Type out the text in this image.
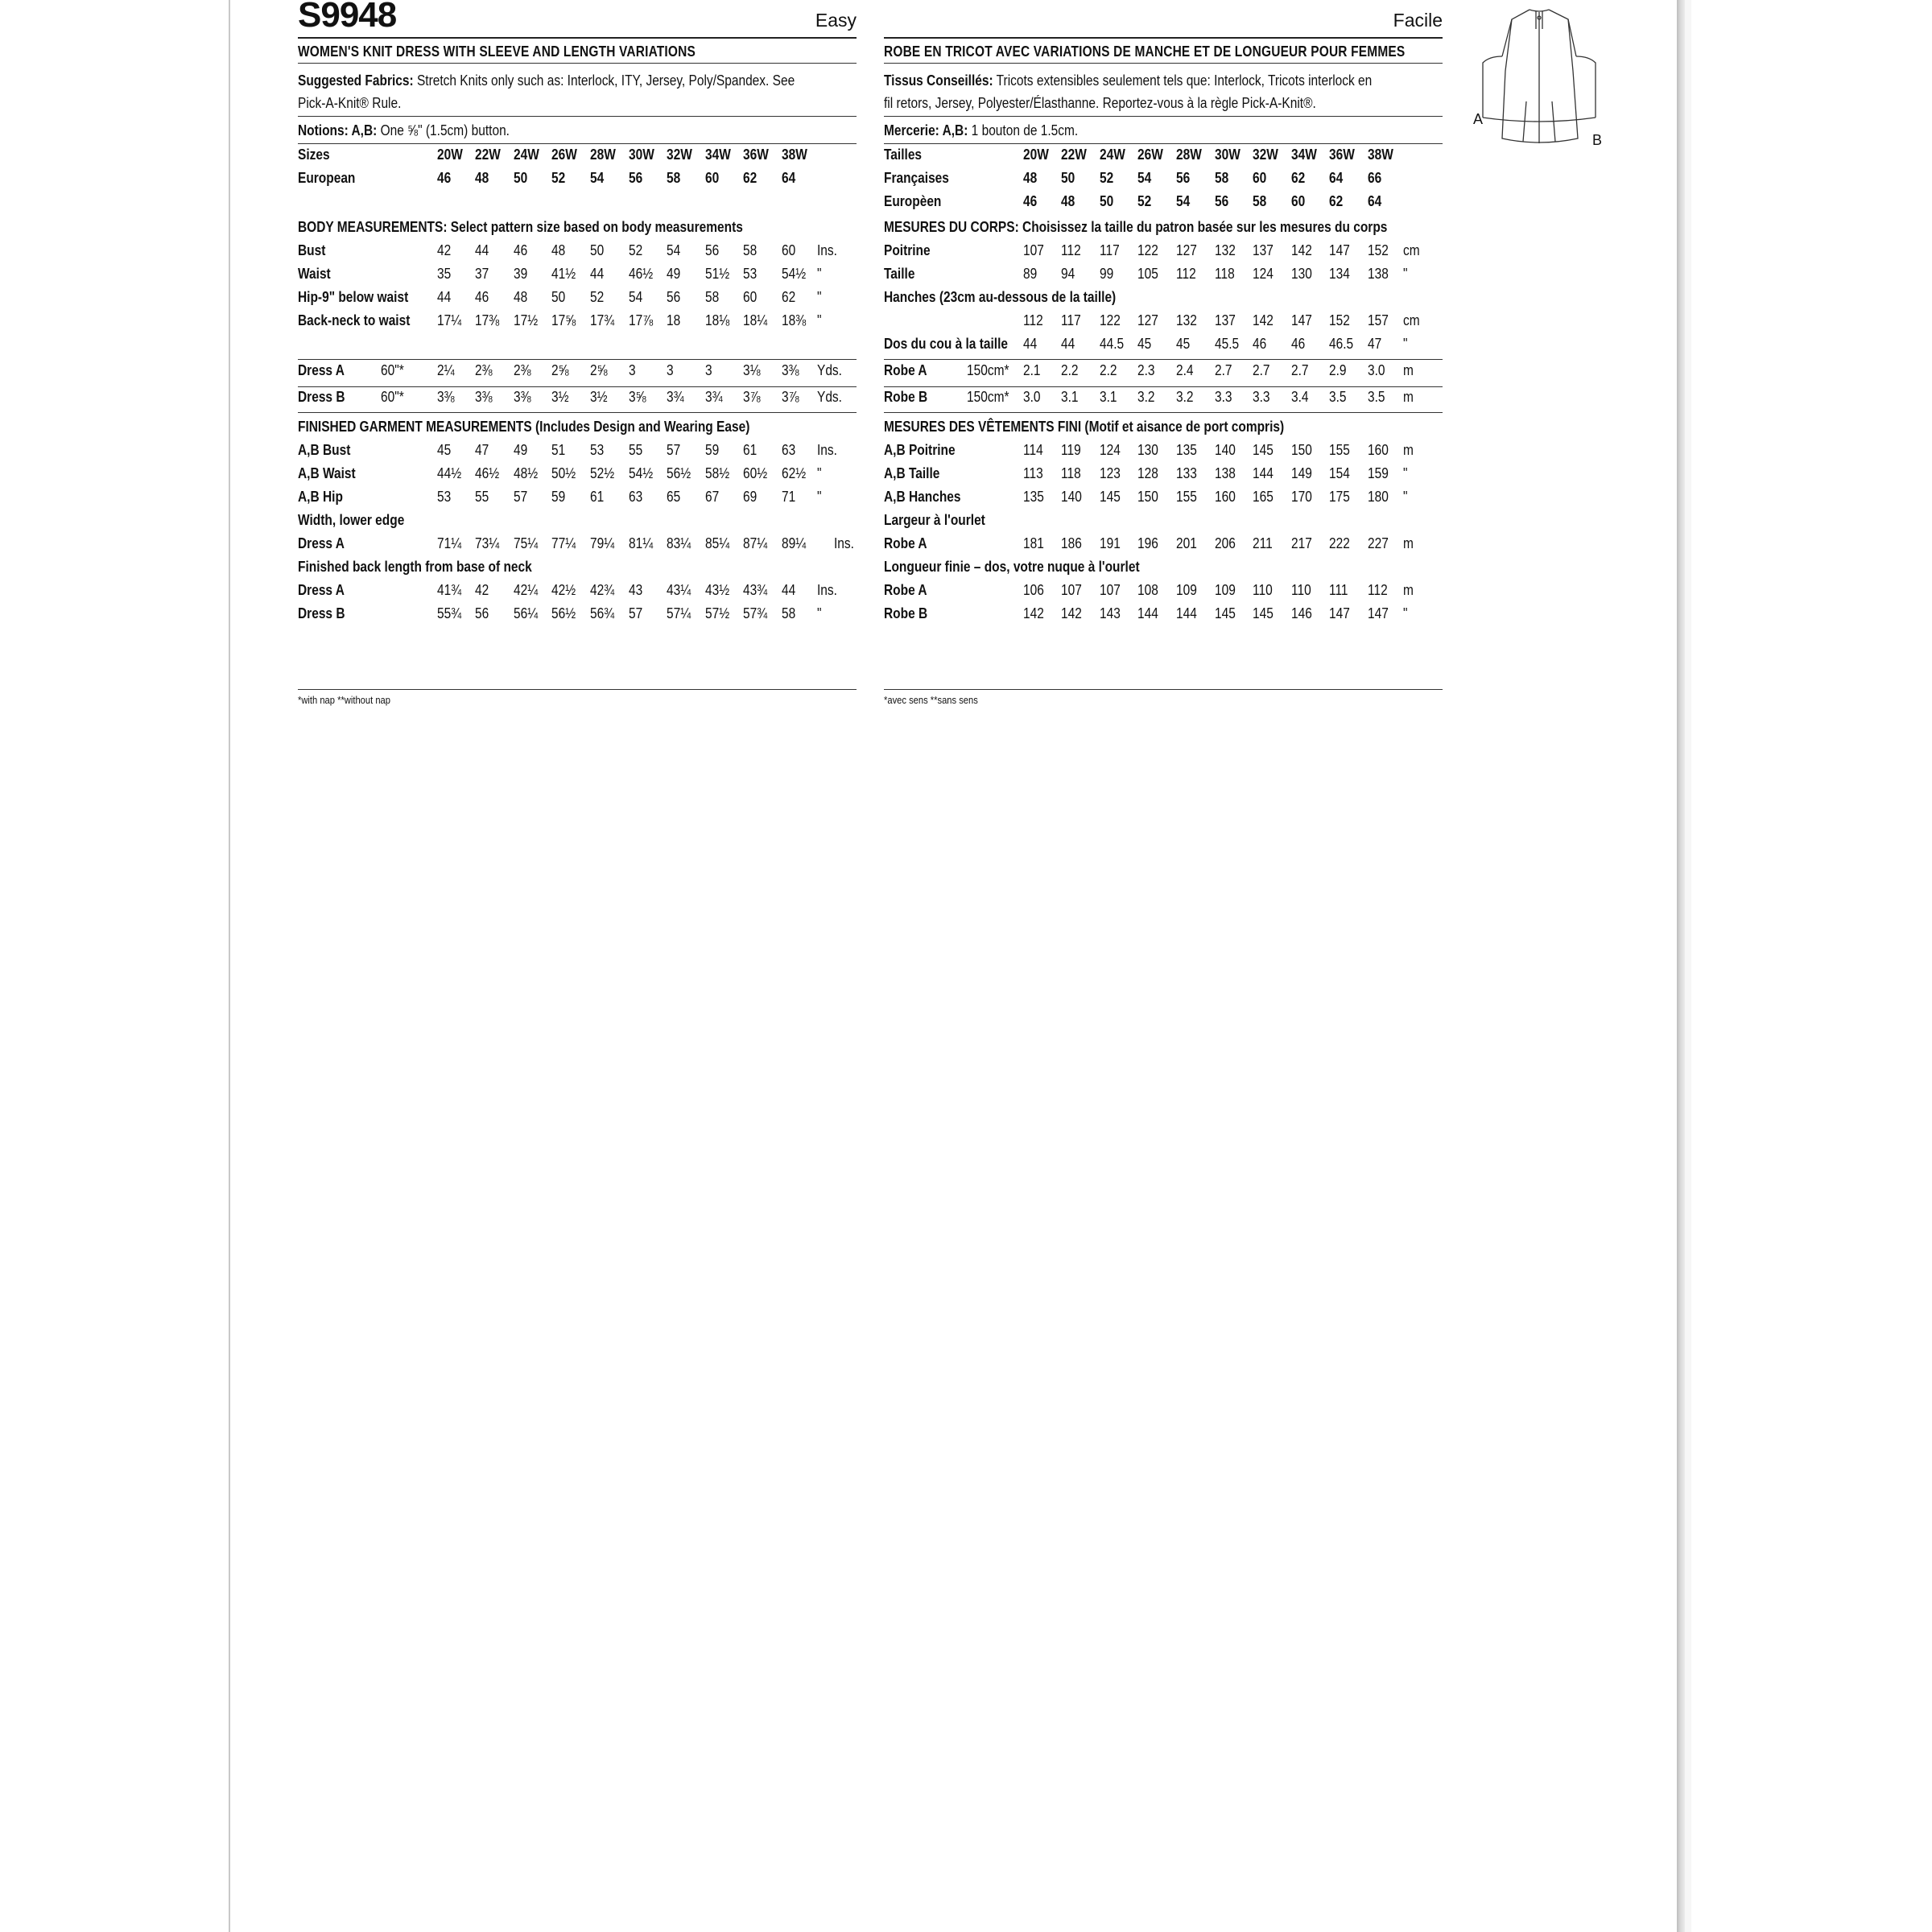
S9948	Easy
WOMEN'S KNIT DRESS WITH SLEEVE AND LENGTH VARIATIONS
Suggested Fabrics: Stretch Knits only such as: Interlock, ITY, Jersey, Poly/Spandex. See
Pick-A-Knit® Rule.
Notions: A,B: One ⅝" (1.5cm) button.
Sizes	20W 22W 24W 26W 28W 30W 32W 34W 36W 38W
European	46 48 50 52 54 56 58 60 62 64
BODY MEASUREMENTS: Select pattern size based on body measurements
Bust	42 44 46 48 50 52 54 56 58 60 Ins.
Waist	35 37 39 41½ 44 46½ 49 51½ 53 54½ "
Hip-9" below waist 44 46 48 50 52 54 56 58 60 62 "
Back-neck to waist 17¼ 17⅜ 17½ 17⅝ 17¾ 17⅞ 18 18⅛ 18¼ 18⅜ "
Dress A	60"* 2¼ 2⅜ 2⅜ 2⅝ 2⅝ 3 3 3 3⅛ 3⅜ Yds.
Dress B 60"* 3⅜ 3⅜ 3⅜ 3½ 3½ 3⅝ 3¾ 3¾ 3⅞ 3⅞ Yds.
FINISHED GARMENT MEASUREMENTS (Includes Design and Wearing Ease)
A,B Bust	45 47 49 51 53 55 57 59 61 63 Ins.
A,B Waist	44½ 46½ 48½ 50½ 52½ 54½ 56½ 58½ 60½ 62½ "
A,B Hip	53 55 57 59 61 63 65 67 69 71 "
Width, lower edge
Dress A	71¼ 73¼ 75¼ 77¼ 79¼ 81¼ 83¼ 85¼ 87¼ 89¼ Ins.
Finished back length from base of neck
Dress A	41¾ 42 42¼ 42½ 42¾ 43 43¼ 43½ 43¾ 44 Ins.
Dress B	55¾ 56 56¼ 56½ 56¾ 57 57¼ 57½ 57¾ 58 "
*with nap **without nap
Facile
ROBE EN TRICOT AVEC VARIATIONS DE MANCHE ET DE LONGUEUR POUR FEMMES
Tissus Conseillés: Tricots extensibles seulement tels que: Interlock, Tricots interlock en
fil retors, Jersey, Polyester/Élasthanne. Reportez-vous à la règle Pick-A-Knit®.
Mercerie: A,B: 1 bouton de 1.5cm.
Tailles	20W 22W 24W 26W 28W 30W 32W 34W 36W 38W
Françaises	48 50 52 54 56 58 60 62 64 66
Europèen	46 48 50 52 54 56 58 60 62 64
MESURES DU CORPS: Choisissez la taille du patron basée sur les mesures du corps
Poitrine	107 112 117 122 127 132 137 142 147 152 cm
Taille	89 94 99 105 112 118 124 130 134 138 "
Hanches (23cm au-dessous de la taille)
112 117 122 127 132 137 142 147 152 157 cm
Dos du cou à la taille 44 44 44.5 45 45 45.5 46 46 46.5 47 "
Robe A	150cm* 2.1 2.2 2.2 2.3 2.4 2.7 2.7 2.7 2.9 3.0 m
Robe B	150cm* 3.0 3.1 3.1 3.2 3.2 3.3 3.3 3.4 3.5 3.5 m
MESURES DES VÊTEMENTS FINI (Motif et aisance de port compris)
A,B Poitrine	114 119 124 130 135 140 145 150 155 160 m
A,B Taille	113 118 123 128 133 138 144 149 154 159 "
A,B Hanches	135 140 145 150 155 160 165 170 175 180 "
Largeur à l'ourlet
Robe A	181 186 191 196 201 206 211 217 222 227 m
Longueur finie – dos, votre nuque à l'ourlet
Robe A	106 107 107 108 109 109 110 110 111 112 m
Robe B	142 142 143 144 144 145 145 146 147 147 "
*avec sens **sans sens
A
B
